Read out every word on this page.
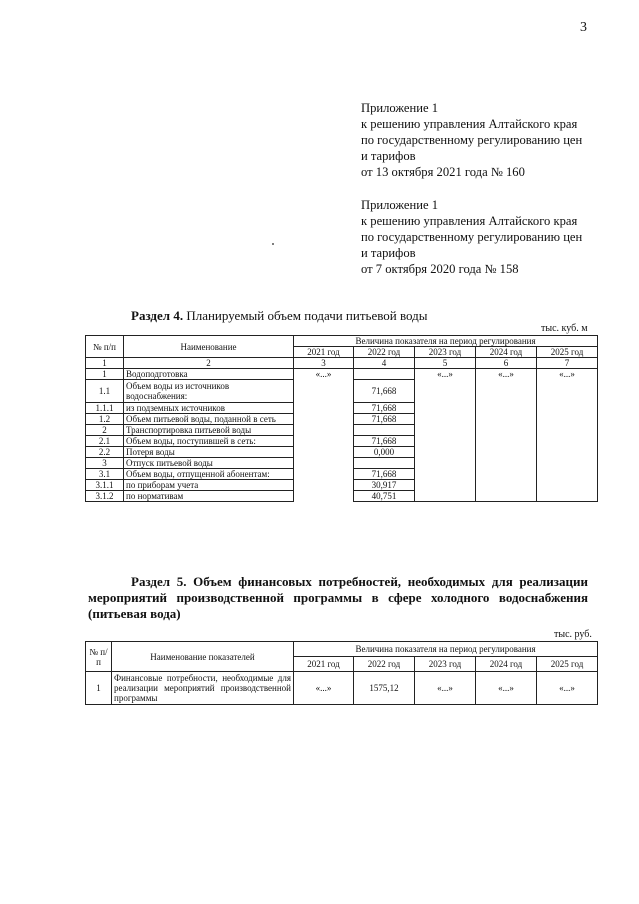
3
Приложение 1
к решению управления Алтайского края
по государственному регулированию цен
и тарифов
от 13 октября 2021 года № 160
Приложение 1
к решению управления Алтайского края
по государственному регулированию цен
и тарифов
от 7 октября 2020 года № 158
Раздел 4. Планируемый объем подачи питьевой воды
тыс. куб. м
№ п/п	Наименование	Величина показателя на период регулирования				
		2021 год	2022 год	2023 год	2024 год	2025 год
1	2	3	4	5	6	7
1	Водоподготовка	«...»		«...»	«...»	«...»
1.1	Объем воды из источников водоснабжения:		71,668			
1.1.1	из подземных источников		71,668			
1.2	Объем питьевой воды, поданной в сеть		71,668			
2	Транспортировка питьевой воды					
2.1	Объем воды, поступившей в сеть:		71,668			
2.2	Потеря воды		0,000			
3	Отпуск питьевой воды					
3.1	Объем воды, отпущенной абонентам:		71,668			
3.1.1	по приборам учета		30,917			
3.1.2	по нормативам		40,751			
Раздел 5. Объем финансовых потребностей, необходимых для реализации мероприятий производственной программы в сфере холодного водоснабжения (питьевая вода)
тыс. руб.
№ п/п	Наименование показателей	Величина показателя на период регулирования				
		2021 год	2022 год	2023 год	2024 год	2025 год
1	Финансовые потребности, необходимые для реализации мероприятий производственной программы	«...»	1575,12	«...»	«...»	«...»
